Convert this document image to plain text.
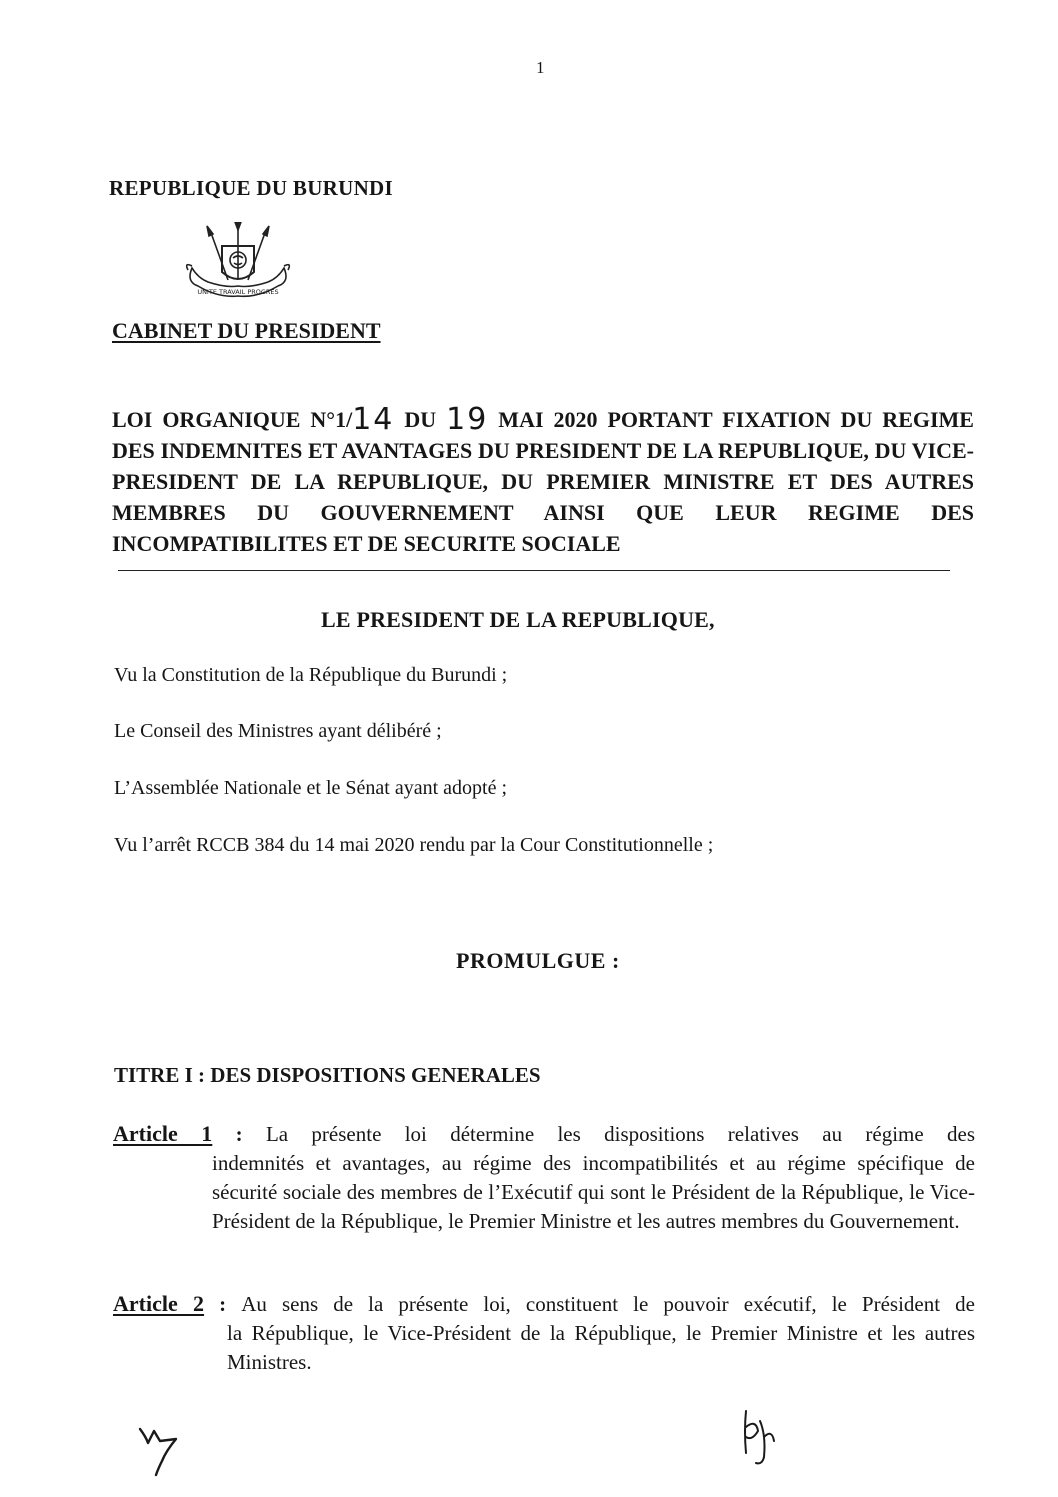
1
REPUBLIQUE DU BURUNDI
UNITE TRAVAIL PROGRES
CABINET DU PRESIDENT
LOI ORGANIQUE N°1/14 DU 19 MAI 2020 PORTANT FIXATION DU REGIME DES INDEMNITES ET AVANTAGES DU PRESIDENT DE LA REPUBLIQUE, DU VICE-PRESIDENT DE LA REPUBLIQUE, DU PREMIER MINISTRE ET DES AUTRES MEMBRES DU GOUVERNEMENT AINSI QUE LEUR REGIME DES INCOMPATIBILITES ET DE SECURITE SOCIALE
LE PRESIDENT DE LA REPUBLIQUE,
Vu la Constitution de la République du Burundi ;
Le Conseil des Ministres ayant délibéré ;
L’Assemblée Nationale et le Sénat ayant adopté ;
Vu l’arrêt RCCB 384 du 14 mai 2020 rendu par la Cour Constitutionnelle ;
PROMULGUE :
TITRE I : DES DISPOSITIONS GENERALES
Article 1 : La présente loi détermine les dispositions relatives au régime des
indemnités et avantages, au régime des incompatibilités et au régime spécifique de sécurité sociale des membres de l’Exécutif qui sont le Président de la République, le Vice-Président de la République, le Premier Ministre et les autres membres du Gouvernement.
Article 2 : Au sens de la présente loi, constituent le pouvoir exécutif, le Président de
la République, le Vice-Président de la République, le Premier Ministre et les autres Ministres.
